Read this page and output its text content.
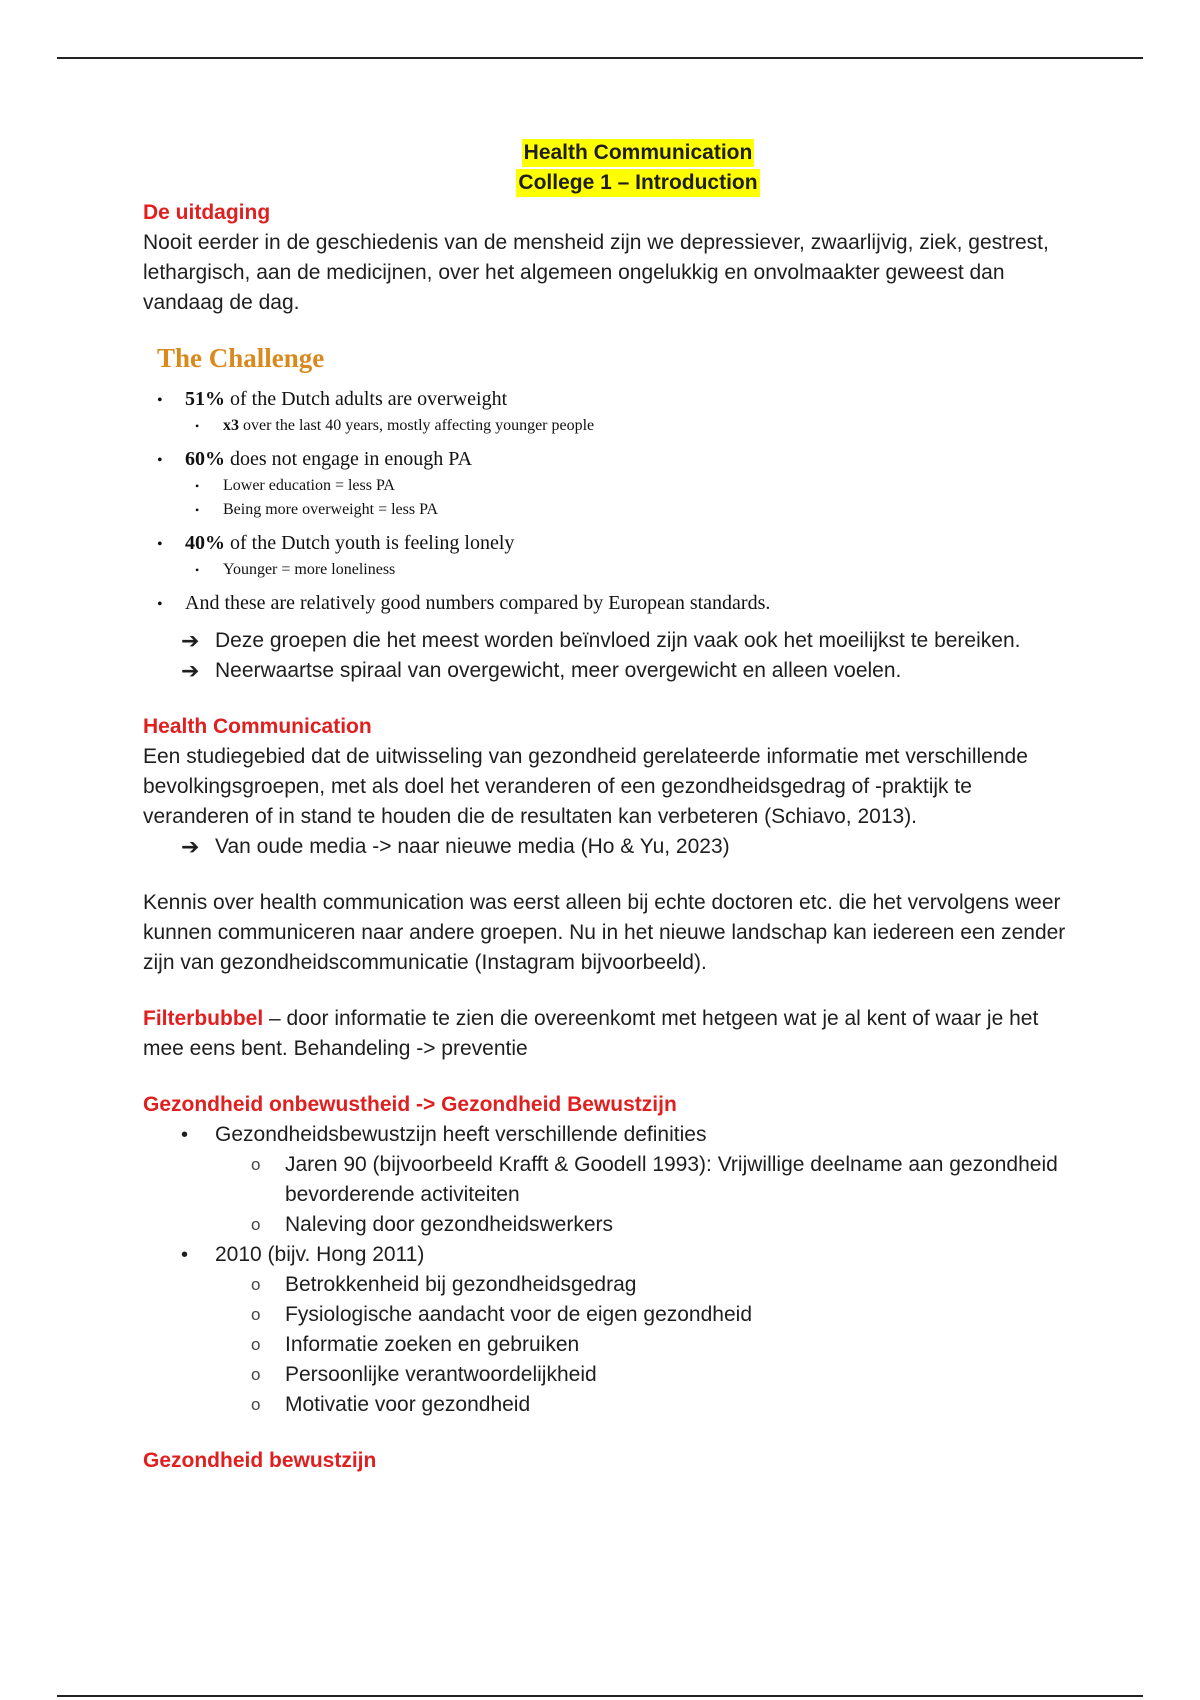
Health Communication
College 1 – Introduction
De uitdaging

Nooit eerder in de geschiedenis van de mensheid zijn we depressiever, zwaarlijvig, ziek, gestrest, lethargisch, aan de medicijnen, over het algemeen ongelukkig en onvolmaakter geweest dan vandaag de dag.

The Challenge
•	51% of the Dutch adults are overweight
•	x3 over the last 40 years, mostly affecting younger people
•	60% does not engage in enough PA
•	Lower education = less PA
•	Being more overweight = less PA
•	40% of the Dutch youth is feeling lonely
•	Younger = more loneliness
•	And these are relatively good numbers compared by European standards.
➔ Deze groepen die het meest worden beïnvloed zijn vaak ook het moeilijkst te bereiken.
➔ Neerwaartse spiraal van overgewicht, meer overgewicht en alleen voelen.
Health Communication

Een studiegebied dat de uitwisseling van gezondheid gerelateerde informatie met verschillende bevolkingsgroepen, met als doel het veranderen of een gezondheidsgedrag of -praktijk te veranderen of in stand te houden die de resultaten kan verbeteren (Schiavo, 2013).

➔ Van oude media -> naar nieuwe media (Ho & Yu, 2023)

Kennis over health communication was eerst alleen bij echte doctoren etc. die het vervolgens weer kunnen communiceren naar andere groepen. Nu in het nieuwe landschap kan iedereen een zender zijn van gezondheidscommunicatie (Instagram bijvoorbeeld).

Filterbubbel – door informatie te zien die overeenkomt met hetgeen wat je al kent of waar je het mee eens bent. Behandeling -> preventie

Gezondheid onbewustheid -> Gezondheid Bewustzijn
•	Gezondheidsbewustzijn heeft verschillende definities
o	Jaren 90 (bijvoorbeeld Krafft & Goodell 1993): Vrijwillige deelname aan gezondheid bevorderende activiteiten
o	Naleving door gezondheidswerkers
•	2010 (bijv. Hong 2011)
o	Betrokkenheid bij gezondheidsgedrag
o	Fysiologische aandacht voor de eigen gezondheid
o	Informatie zoeken en gebruiken
o	Persoonlijke verantwoordelijkheid
o	Motivatie voor gezondheid
Gezondheid bewustzijn
